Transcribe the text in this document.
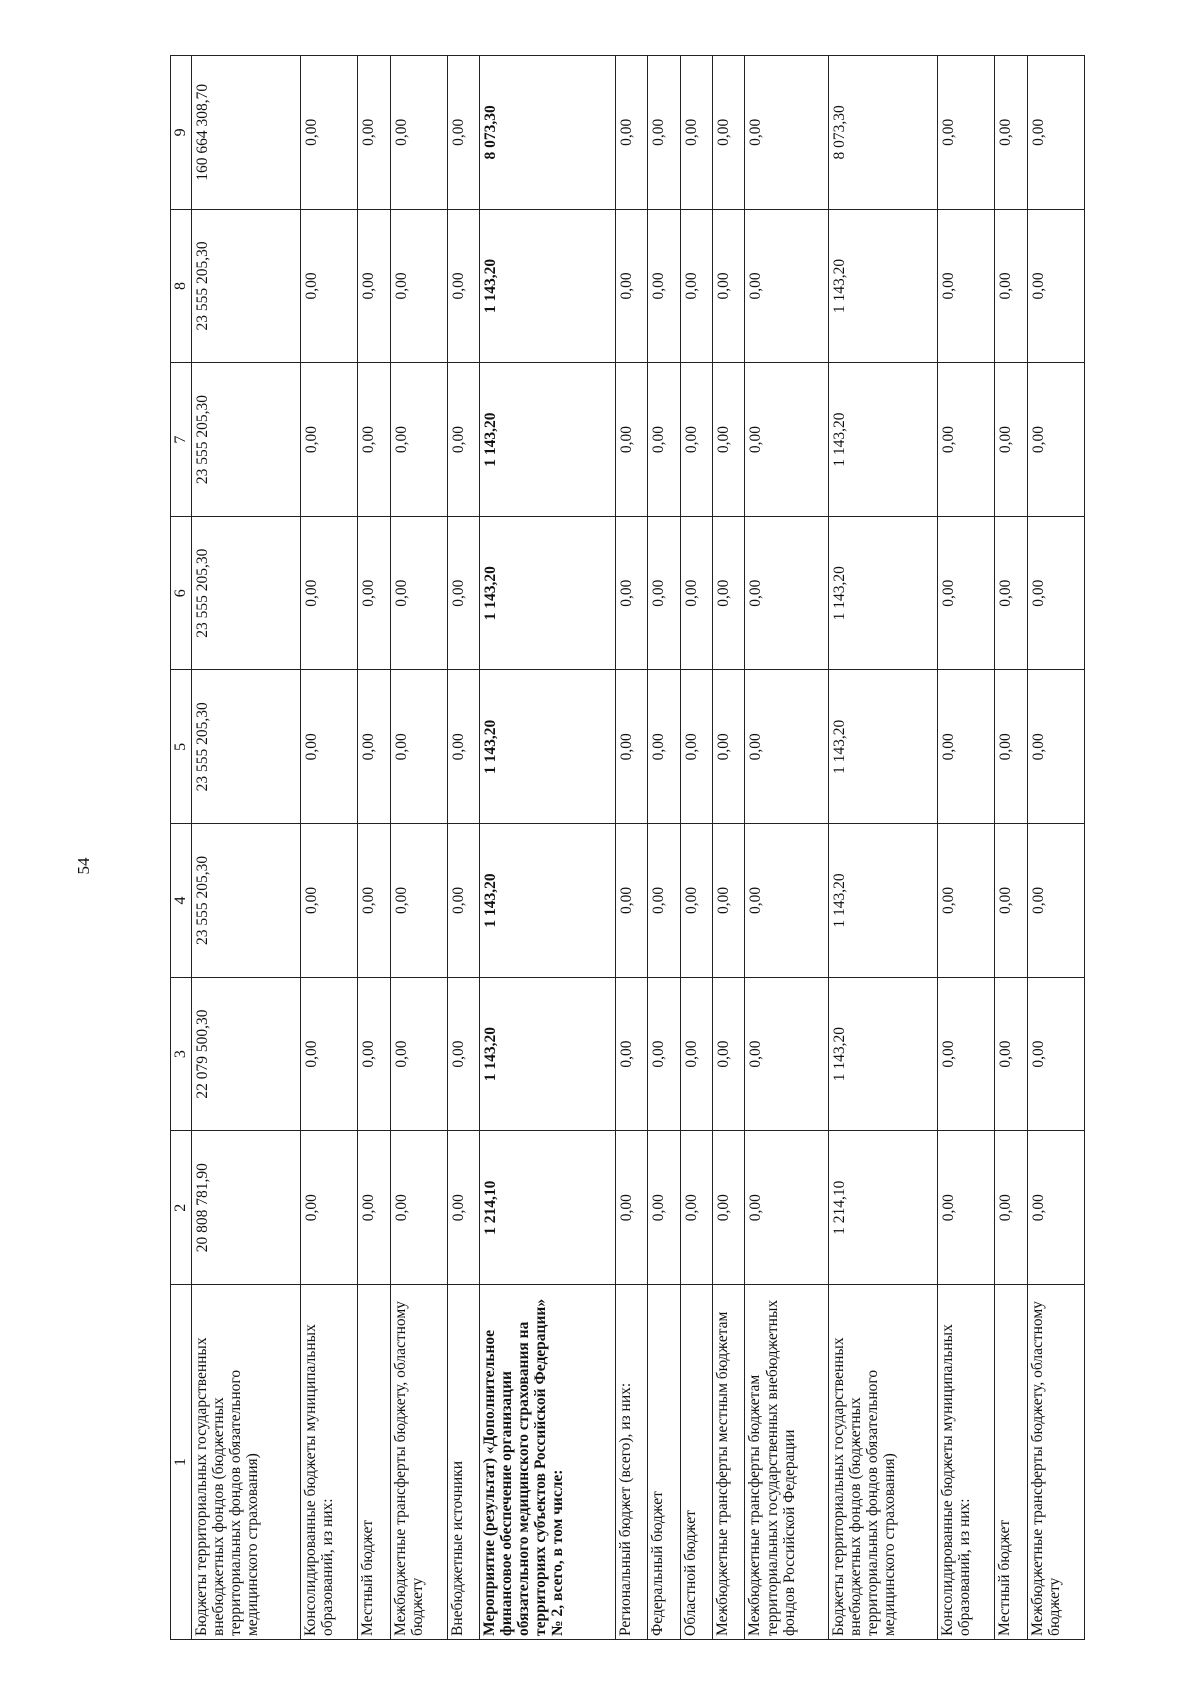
54
1	2	3	4	5	6	7	8	9
Бюджеты территориальных государственных внебюджетных фондов (бюджетных территориальных фондов обязательного медицинского страхования)	20 808 781,90	22 079 500,30	23 555 205,30	23 555 205,30	23 555 205,30	23 555 205,30	23 555 205,30	160 664 308,70
Консолидированные бюджеты муниципальных образований, из них:	0,00	0,00	0,00	0,00	0,00	0,00	0,00	0,00
Местный бюджет	0,00	0,00	0,00	0,00	0,00	0,00	0,00	0,00
Межбюджетные трансферты бюджету, областному бюджету	0,00	0,00	0,00	0,00	0,00	0,00	0,00	0,00
Внебюджетные источники	0,00	0,00	0,00	0,00	0,00	0,00	0,00	0,00
Мероприятие (результат) «Дополнительное финансовое обеспечение организации обязательного медицинского страхования на территориях субъектов Российской Федерации» № 2, всего, в том числе:	1 214,10	1 143,20	1 143,20	1 143,20	1 143,20	1 143,20	1 143,20	8 073,30
Региональный бюджет (всего), из них:	0,00	0,00	0,00	0,00	0,00	0,00	0,00	0,00
Федеральный бюджет	0,00	0,00	0,00	0,00	0,00	0,00	0,00	0,00
Областной бюджет	0,00	0,00	0,00	0,00	0,00	0,00	0,00	0,00
Межбюджетные трансферты местным бюджетам	0,00	0,00	0,00	0,00	0,00	0,00	0,00	0,00
Межбюджетные трансферты бюджетам территориальных государственных внебюджетных фондов Российской Федерации	0,00	0,00	0,00	0,00	0,00	0,00	0,00	0,00
Бюджеты территориальных государственных внебюджетных фондов (бюджетных территориальных фондов обязательного медицинского страхования)	1 214,10	1 143,20	1 143,20	1 143,20	1 143,20	1 143,20	1 143,20	8 073,30
Консолидированные бюджеты муниципальных образований, из них:	0,00	0,00	0,00	0,00	0,00	0,00	0,00	0,00
Местный бюджет	0,00	0,00	0,00	0,00	0,00	0,00	0,00	0,00
Межбюджетные трансферты бюджету, областному бюджету	0,00	0,00	0,00	0,00	0,00	0,00	0,00	0,00
